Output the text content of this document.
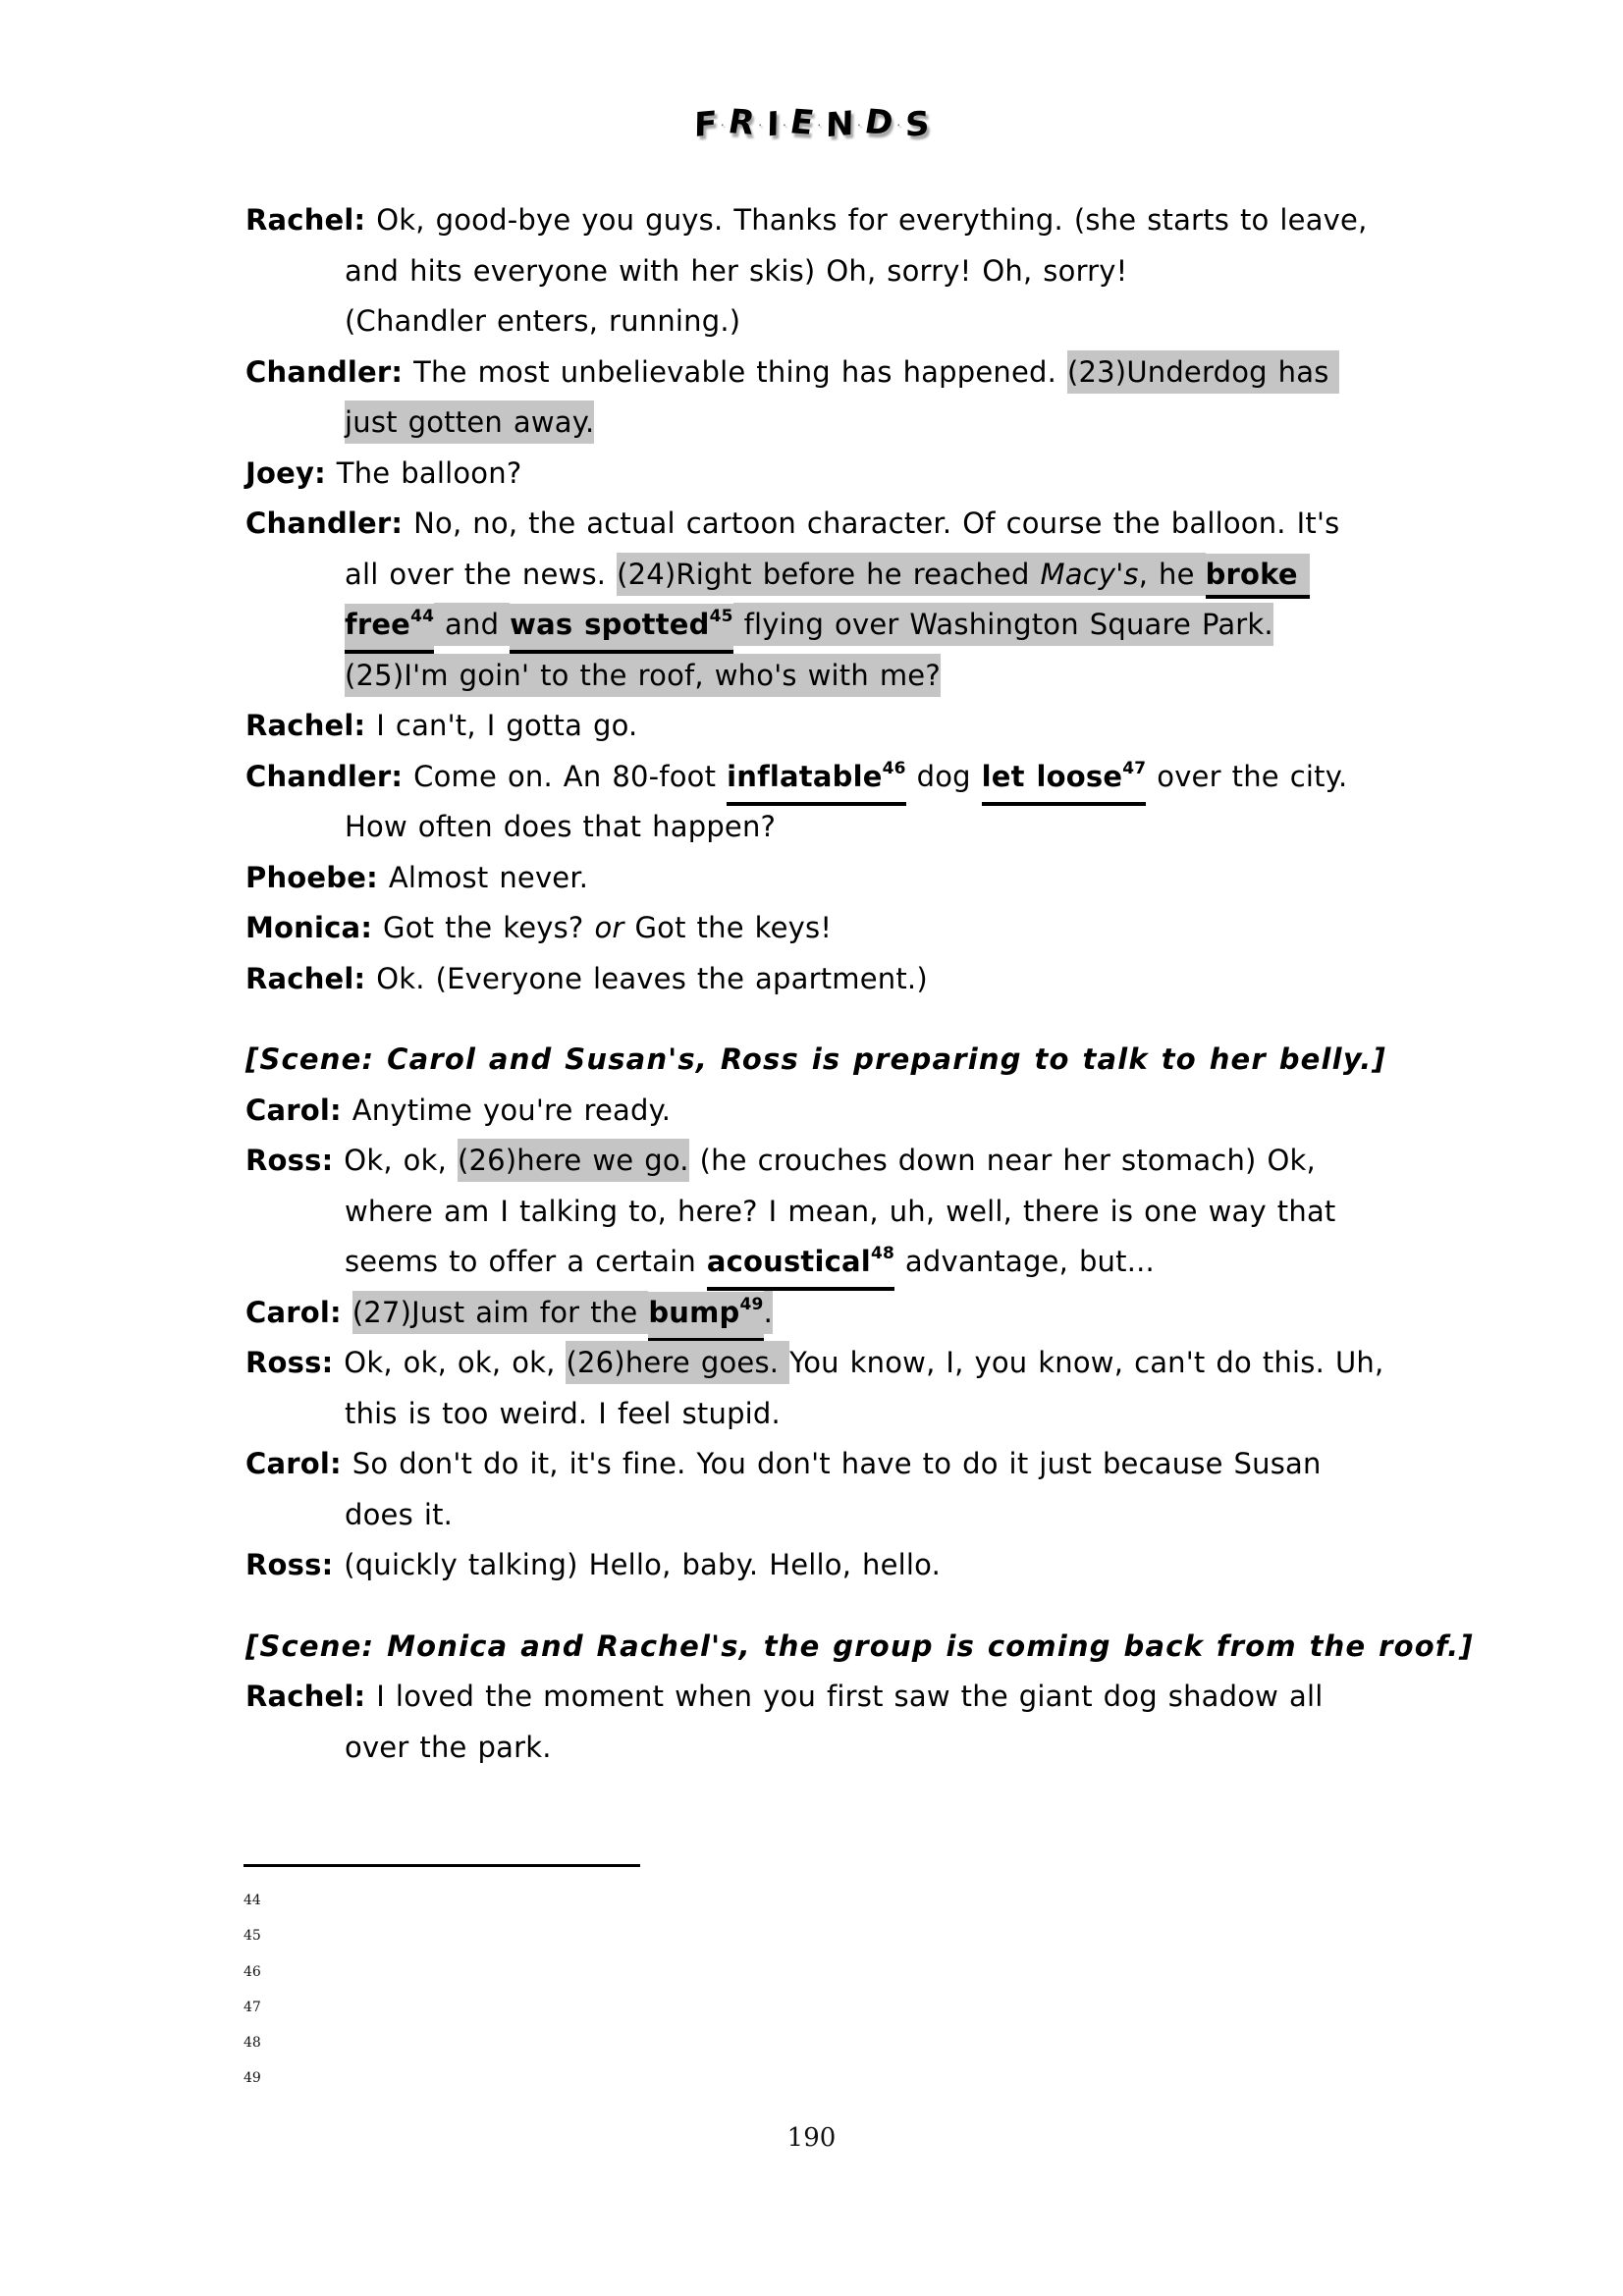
F · R · I · E · N · D · S
Rachel: Ok, good-bye you guys. Thanks for everything. (she starts to leave,
and hits everyone with her skis) Oh, sorry! Oh, sorry!
(Chandler enters, running.)
Chandler: The most unbelievable thing has happened. (23)Underdog has
just gotten away.
Joey: The balloon?
Chandler: No, no, the actual cartoon character. Of course the balloon. It's
all over the news. (24)Right before he reached Macy's, he broke
free$^{44}$ and was spotted$^{45}$ flying over Washington Square Park.
(25)I'm goin' to the roof, who's with me?
Rachel: I can't, I gotta go.
Chandler: Come on. An 80-foot inflatable$^{46}$ dog let loose$^{47}$ over the city.
How often does that happen?
Phoebe: Almost never.
Monica: Got the keys? or Got the keys!
Rachel: Ok. (Everyone leaves the apartment.)
[Scene: Carol and Susan's, Ross is preparing to talk to her belly.]
Carol: Anytime you're ready.
Ross: Ok, ok, (26)here we go. (he crouches down near her stomach) Ok,
where am I talking to, here? I mean, uh, well, there is one way that
seems to offer a certain acoustical$^{48}$ advantage, but...
Carol: (27)Just aim for the bump$^{49}$.
Ross: Ok, ok, ok, ok, (26)here goes. You know, I, you know, can't do this. Uh,
this is too weird. I feel stupid.
Carol: So don't do it, it's fine. You don't have to do it just because Susan
does it.
Ross: (quickly talking) Hello, baby. Hello, hello.
[Scene: Monica and Rachel's, the group is coming back from the roof.]
Rachel: I loved the moment when you first saw the giant dog shadow all
over the park.
44
45
46
47
48
49
190
